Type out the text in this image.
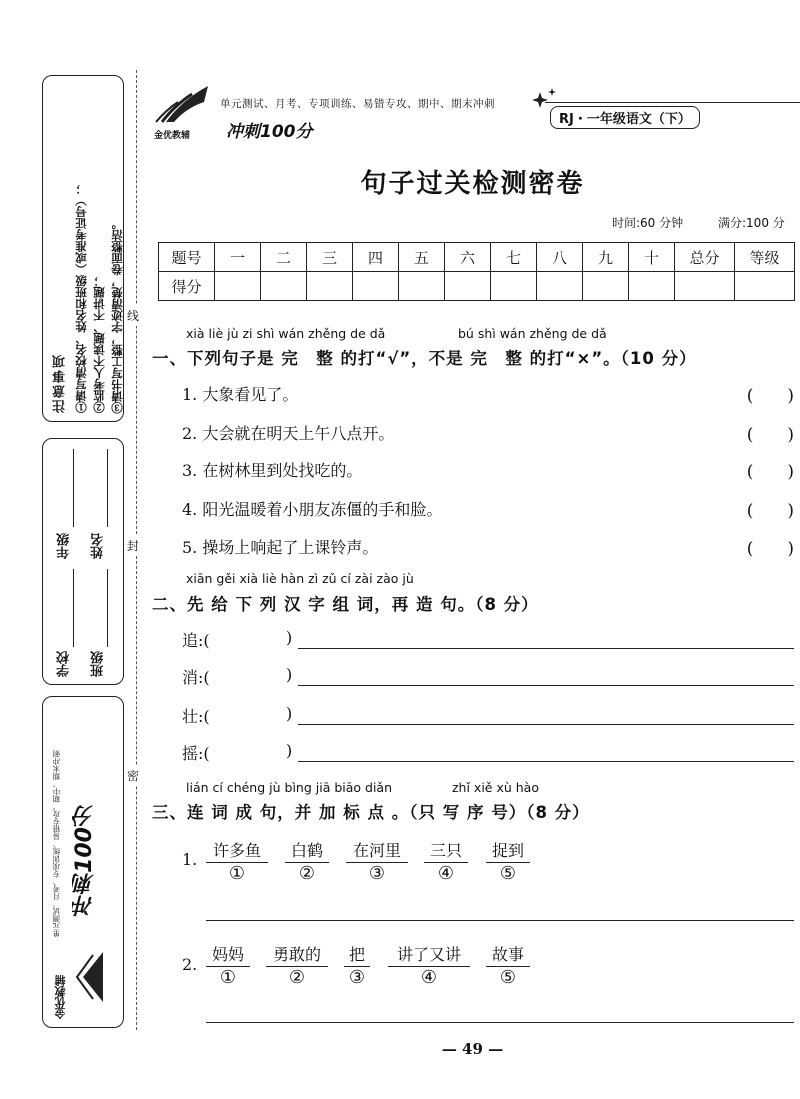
注意事项 ①请写清校名、姓名和班级（或准考证号）； ②监考人不读题、不讲题； ③请书写工整，字迹清楚，卷面整洁。
学校
年级
班级
姓名
单元测试、月考、专项训练、易错专攻、期中、期末冲刺 冲刺100分
金优教辅
线
封
密
单元测试、月考、专项训练、易错专攻、期中、期末冲刺
金优教辅 冲刺100分
RJ・一年级语文（下）
句子过关检测密卷
时间:60 分钟	满分:100 分
题号	一	二	三	四	五	六	七	八	九	十	总分	等级
得分												
xià liè jù zi shì wán zhěng de dǎ	bú shì wán zhěng de dǎ
一、下列句子是 完　整 的打“√”，不是 完　整 的打“×”。（10 分）
1. 大象看见了。	(　　)
2. 大会就在明天上午八点开。	(　　)
3. 在树林里到处找吃的。	(　　)
4. 阳光温暖着小朋友冻僵的手和脸。	(　　)
5. 操场上响起了上课铃声。	(　　)
xiān gěi xià liè hàn zì zǔ cí zài zào jù
二、先 给 下 列 汉 字 组 词，再 造 句。（8 分）
追:(	)
消:(	)
壮:(	)
摇:(	)
lián cí chéng jù bìng jiā biāo diǎn	zhǐ xiě xù hào
三、连 词 成 句，并 加 标 点 。（只 写 序 号）（8 分）
1. 许多鱼
①
白鹤
②
在河里
③
三只
④
捉到
⑤
2.
妈妈
①
勇敢的
②
把
③
讲了又讲
④
故事
⑤
— 49 —
